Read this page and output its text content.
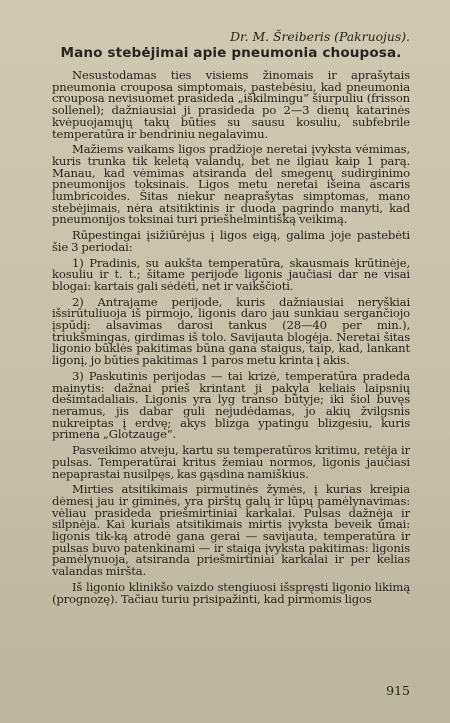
Dr. M. Šreiberis (Pakruojus).
Mano stebėjimai apie pneumonia chouposa.

Nesustodamas ties visiems žinomais ir aprašytais pneumonia crouposa simptomais, pastebėsiu, kad pneumonia crouposa nevisuomet prasideda „iškilmingu“ šiurpuliu (frisson sollenel); dažniausiai ji prasideda po 2—3 dienų katarinės kvėpuojamųjų takų būties su sausu kosuliu, subfebrile temperatūra ir bendriniu negalavimu.

Mažiems vaikams ligos pradžioje neretai įvyksta vėmimas, kuris trunka tik keletą valandų, bet ne ilgiau kaip 1 parą. Manau, kad vėmimas atsiranda del smegenų sudirginimo pneumonijos toksinais. Ligos metu neretai išeina ascaris lumbricoides. Šitas niekur neaprašytas simptomas, mano stebėjimais, nėra atsitiktinis ir duoda pagrindo manyti, kad pneumonijos toksinai turi priešhelmintišką veikimą.

Rūpestingai įsižiūrėjus į ligos eigą, galima joje pastebėti šie 3 periodai:

1) Pradinis, su aukšta temperatūra, skausmais krūtinėje, kosuliu ir t. t.; šitame perijode ligonis jaučiasi dar ne visai blogai: kartais gali sėdėti, net ir vaikščioti.

2) Antrajame perijode, kuris dažniausiai neryškiai išsirūtuliuoja iš pirmojo, ligonis daro jau sunkiau sergančiojo įspūdį: alsavimas darosi tankus (28—40 per min.), triukšmingas, girdimas iš tolo. Savijauta blogėja. Neretai šitas ligonio būklės pakitimas būna gana staigus, taip, kad, lankant ligonį, jo būties pakitimas 1 paros metu krinta į akis.

3) Paskutinis perijodas — tai krizė, temperatūra pradeda mainytis: dažnai prieš krintant ji pakyla keliais laipsnių dešimtadaliais. Ligonis yra lyg transo būtyje; iki šiol buvęs neramus, jis dabar guli nejudėdamas, jo akių žvilgsnis nukreiptas į erdvę; akys blizga ypatingu blizgesiu, kuris primena „Glotzauge“.

Pasveikimo atveju, kartu su temperatūros kritimu, retėja ir pulsas. Temperatūrai kritus žemiau normos, ligonis jaučiasi nepaprastai nusilpęs, kas gąsdina namiškius.

Mirties atsitikimais pirmutinės žymės, į kurias kreipia dėmesį jau ir giminės, yra pirštų galų ir lūpų pamėlynavimas: vėliau prasideda priešmirtiniai karkalai. Pulsas dažnėja ir silpnėja. Kai kuriais atsitikimais mirtis įvyksta beveik ūmai: ligonis tik-ką atrodė gana gerai — savijauta, temperatūra ir pulsas buvo patenkinami — ir staiga įvyksta pakitimas: ligonis pamėlynuoja, atsiranda priešmirtiniai karkalai ir per kelias valandas miršta.

Iš ligonio klinikšo vaizdo stengiuosi išspręsti ligonio likimą (prognozę). Tačiau turiu prisipažinti, kad pirmomis ligos

915
